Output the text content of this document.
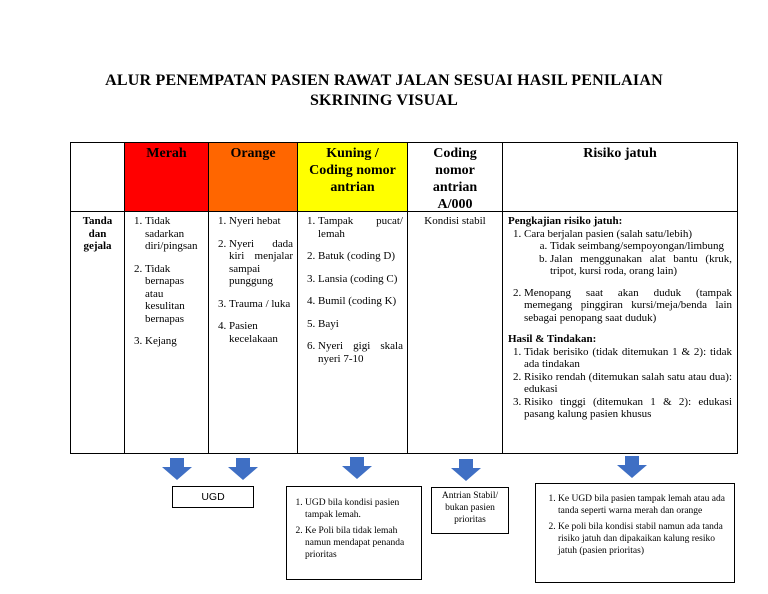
ALUR PENEMPATAN PASIEN RAWAT JALAN SESUAI HASIL PENILAIAN
SKRINING VISUAL
Merah	Orange	Kuning / Coding nomor antrian
Coding nomor antrian A/000
Risiko jatuh
Tanda dan gejala
1. Tidak sadarkan diri/pingsan
2. Tidak bernapas atau kesulitan bernapas
3. Kejang
1. Nyeri hebat
2. Nyeri dada kiri menjalar sampai punggung
3. Trauma / luka
4. Pasien kecelakaan
1. Tampak pucat/ lemah
2. Batuk (coding D)
3. Lansia (coding C)
4. Bumil (coding K)
5. Bayi
6. Nyeri gigi skala nyeri 7-10
Kondisi stabil	Pengkajian risiko jatuh:
1. Cara berjalan pasien (salah satu/lebih)
a. Tidak seimbang/sempoyongan/limbung
b. Jalan menggunakan alat bantu (kruk, tripot, kursi roda, orang lain)
2. Menopang saat akan duduk (tampak memegang pinggiran kursi/meja/benda lain sebagai penopang saat duduk)
Hasil & Tindakan:
1. Tidak berisiko (tidak ditemukan 1 & 2): tidak ada tindakan
2. Risiko rendah (ditemukan salah satu atau dua): edukasi
3. Risiko tinggi (ditemukan 1 & 2): edukasi pasang kalung pasien khusus
UGD
1.	UGD bila kondisi pasien tampak lemah.
2. Ke Poli bila tidak lemah namun mendapat penanda prioritas
Antrian Stabil/ bukan pasien prioritas
1. Ke UGD bila pasien tampak lemah atau ada tanda seperti warna merah dan orange
2. Ke poli bila kondisi stabil namun ada tanda risiko jatuh dan dipakaikan kalung resiko jatuh (pasien prioritas)
